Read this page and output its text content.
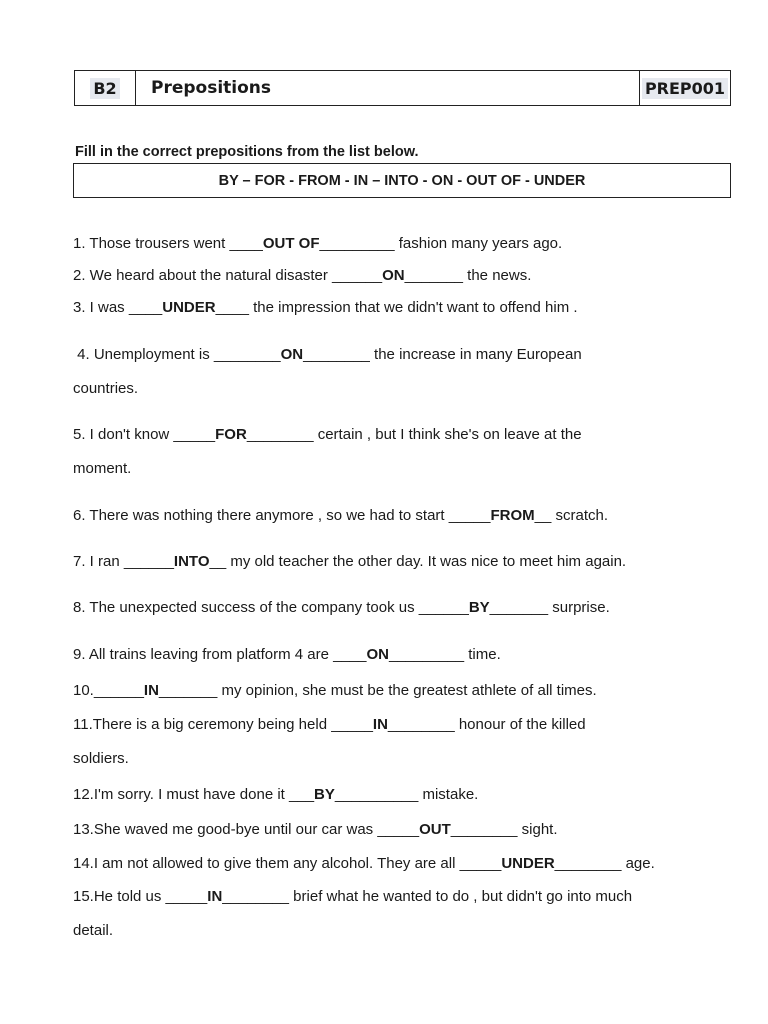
B2 Prepositions	PREP001
Fill in the correct prepositions from the list below.
BY – FOR - FROM - IN – INTO - ON - OUT OF - UNDER
1. Those trousers went ____OUT OF_________ fashion many years ago.
2. We heard about the natural disaster ______ON_______ the news.
3. I was ____UNDER____ the impression that we didn't want to offend him .
4. Unemployment is ________ON________ the increase in many European
countries.
5. I don't know _____FOR________ certain , but I think she's on leave at the
moment.
6. There was nothing there anymore , so we had to start _____FROM__ scratch.
7. I ran ______INTO__ my old teacher the other day. It was nice to meet him again.
8. The unexpected success of the company took us ______BY_______ surprise.
9. All trains leaving from platform 4 are ____ON_________ time.
10.______IN_______ my opinion, she must be the greatest athlete of all times.
11.There is a big ceremony being held _____IN________ honour of the killed
soldiers.
12.I'm sorry. I must have done it ___BY__________ mistake.
13.She waved me good-bye until our car was _____OUT________ sight.
14.I am not allowed to give them any alcohol. They are all _____UNDER________ age.
15.He told us _____IN________ brief what he wanted to do , but didn't go into much
detail.
